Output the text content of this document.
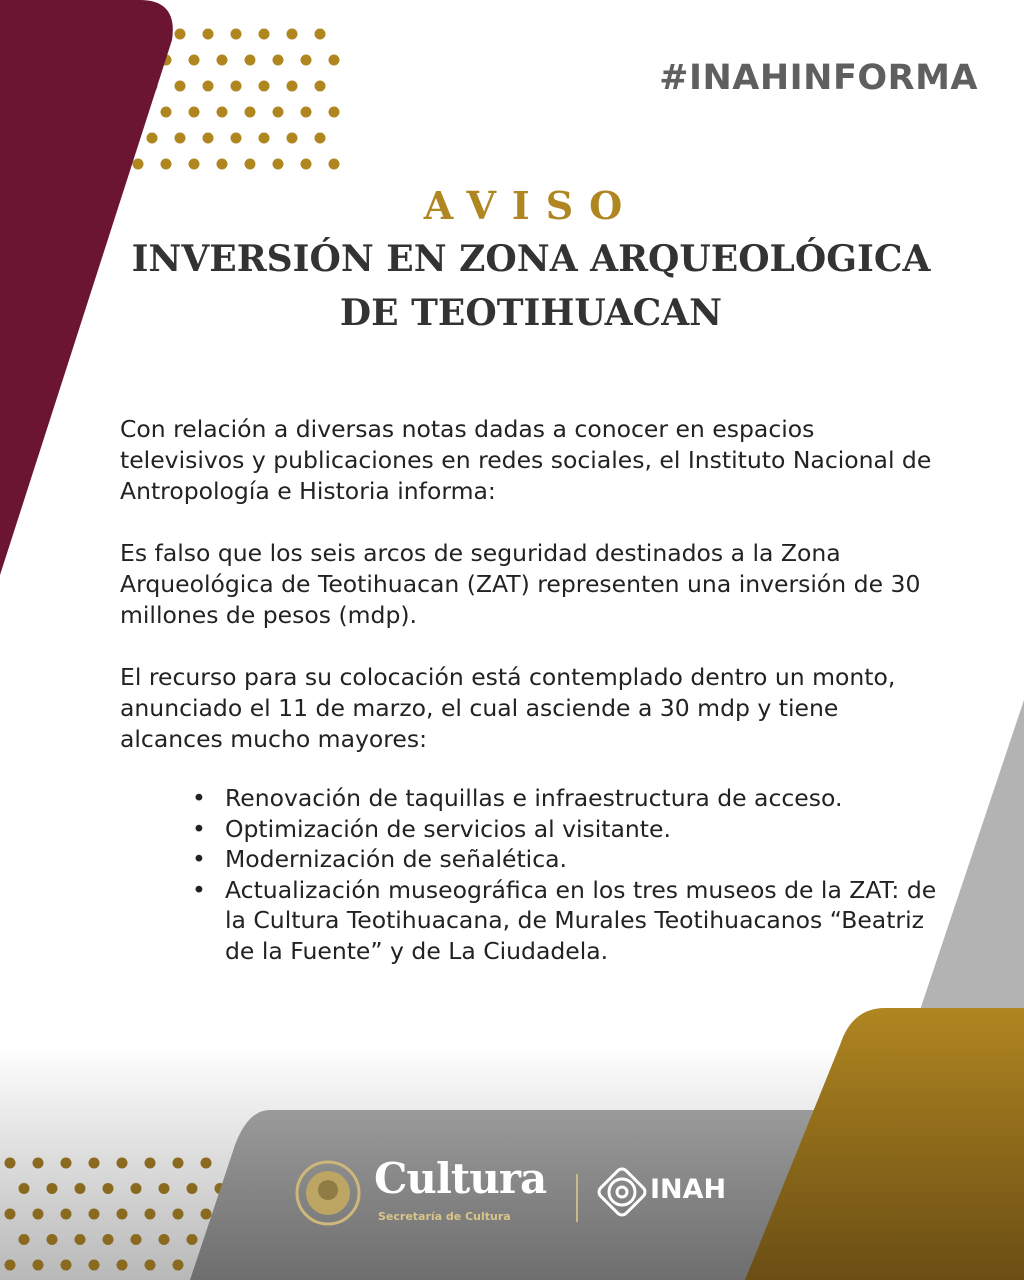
#INAHINFORMA
AVISO
INVERSIÓN EN ZONA ARQUEOLÓGICA
DE TEOTIHUACAN

Con relación a diversas notas dadas a conocer en espacios televisivos y publicaciones en redes sociales, el Instituto Nacional de Antropología e Historia informa:

Es falso que los seis arcos de seguridad destinados a la Zona Arqueológica de Teotihuacan (ZAT) representen una inversión de 30 millones de pesos (mdp).

El recurso para su colocación está contemplado dentro un monto, anunciado el 11 de marzo, el cual asciende a 30 mdp y tiene alcances mucho mayores:

• Renovación de taquillas e infraestructura de acceso.
• Optimización de servicios al visitante.
• Modernización de señalética.
• Actualización museográfica en los tres museos de la ZAT: de la Cultura Teotihuacana, de Murales Teotihuacanos “Beatriz de la Fuente” y de La Ciudadela.
Cultura
Secretaría de Cultura
INAH
